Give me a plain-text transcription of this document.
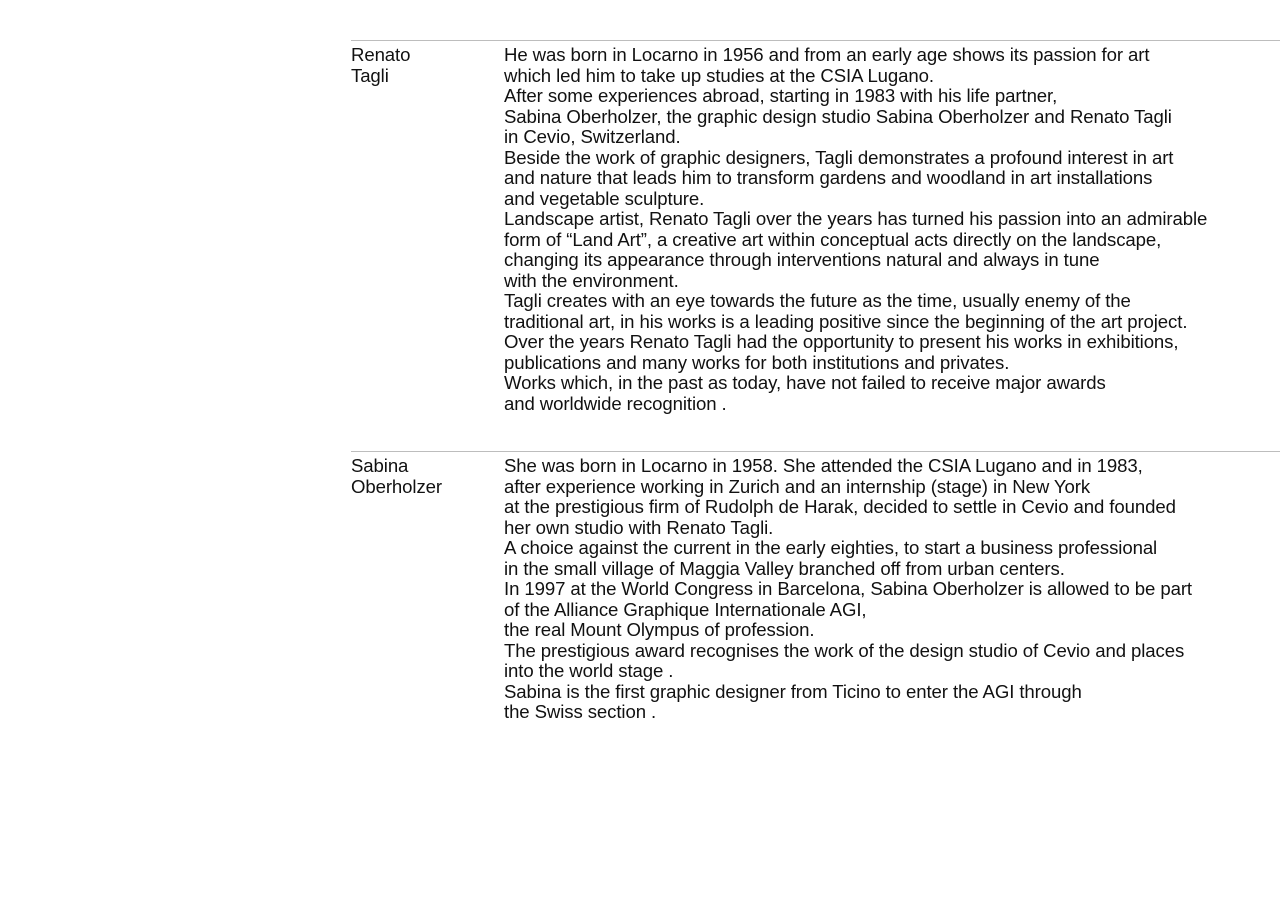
Renato
Tagli
He was born in Locarno in 1956 and from an early age shows its passion for art
which led him to take up studies at the CSIA Lugano.
After some experiences abroad, starting in 1983 with his life partner,
Sabina Oberholzer, the graphic design studio Sabina Oberholzer and Renato Tagli
in Cevio, Switzerland.
Beside the work of graphic designers, Tagli demonstrates a profound interest in art
and nature that leads him to transform gardens and woodland in art installations
and vegetable sculpture.
Landscape artist, Renato Tagli over the years has turned his passion into an admirable
form of “Land Art”, a creative art within conceptual acts directly on the landscape,
changing its appearance through interventions natural and always in tune
with the environment.
Tagli creates with an eye towards the future as the time, usually enemy of the
traditional art, in his works is a leading positive since the beginning of the art project.
Over the years Renato Tagli had the opportunity to present his works in exhibitions,
publications and many works for both institutions and privates.
Works which, in the past as today, have not failed to receive major awards
and worldwide recognition .
Sabina
Oberholzer
She was born in Locarno in 1958. She attended the CSIA Lugano and in 1983,
after experience working in Zurich and an internship (stage) in New York
at the prestigious firm of Rudolph de Harak, decided to settle in Cevio and founded
her own studio with Renato Tagli.
A choice against the current in the early eighties, to start a business professional
in the small village of Maggia Valley branched off from urban centers.
In 1997 at the World Congress in Barcelona, Sabina Oberholzer is allowed to be part
of the Alliance Graphique Internationale AGI,
the real Mount Olympus of profession.
The prestigious award recognises the work of the design studio of Cevio and places
into the world stage .
Sabina is the first graphic designer from Ticino to enter the AGI through
the Swiss section .
